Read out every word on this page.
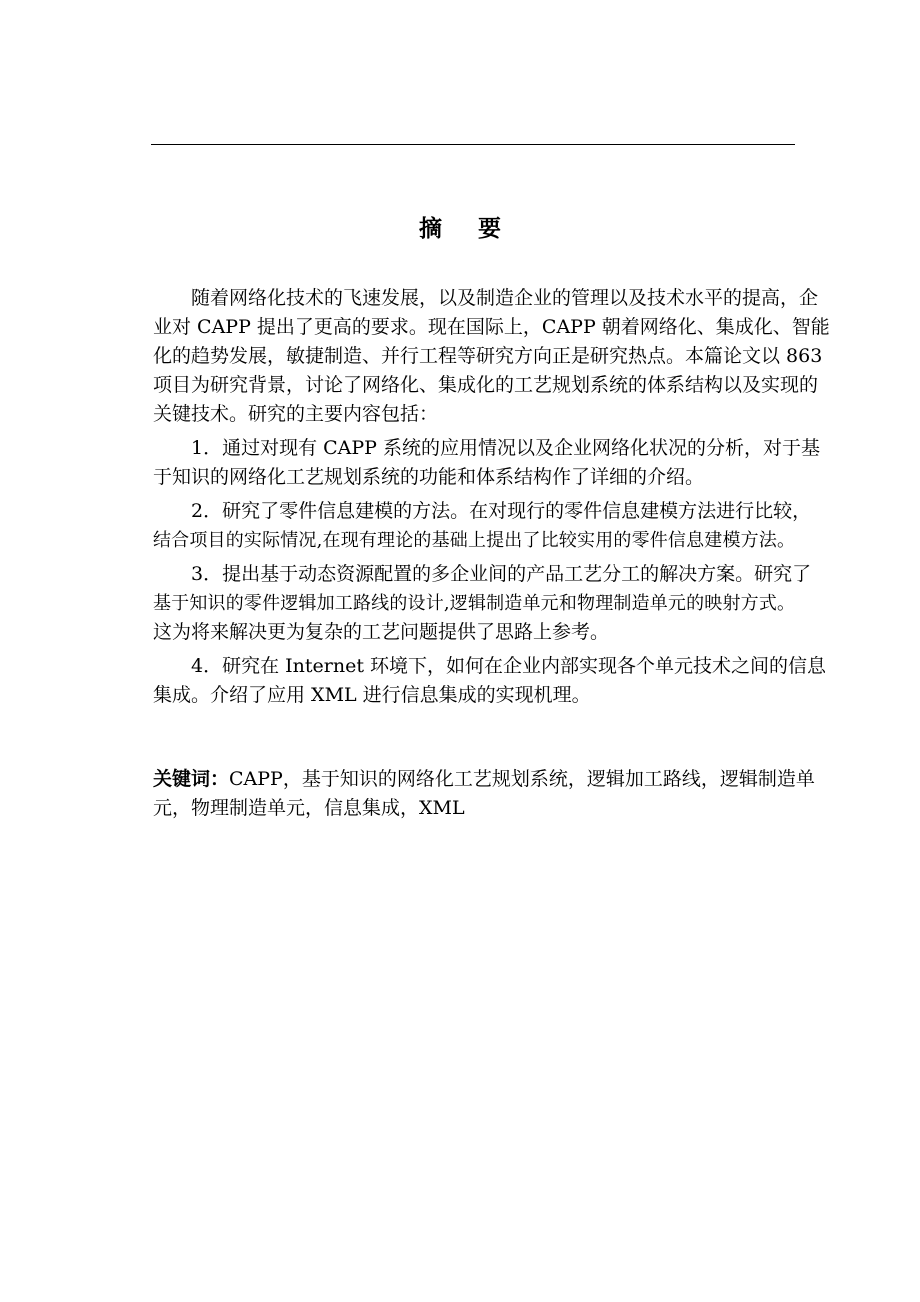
摘 要
随着网络化技术的飞速发展，以及制造企业的管理以及技术水平的提高，企
业对 CAPP 提出了更高的要求。现在国际上，CAPP 朝着网络化、集成化、智能
化的趋势发展，敏捷制造、并行工程等研究方向正是研究热点。本篇论文以 863
项目为研究背景，讨论了网络化、集成化的工艺规划系统的体系结构以及实现的
关键技术。研究的主要内容包括：
1．通过对现有 CAPP 系统的应用情况以及企业网络化状况的分析，对于基
于知识的网络化工艺规划系统的功能和体系结构作了详细的介绍。
2．研究了零件信息建模的方法。在对现行的零件信息建模方法进行比较，
结合项目的实际情况,在现有理论的基础上提出了比较实用的零件信息建模方法。
3．提出基于动态资源配置的多企业间的产品工艺分工的解决方案。研究了
基于知识的零件逻辑加工路线的设计,逻辑制造单元和物理制造单元的映射方式。
这为将来解决更为复杂的工艺问题提供了思路上参考。
4．研究在 Internet 环境下，如何在企业内部实现各个单元技术之间的信息
集成。介绍了应用 XML 进行信息集成的实现机理。
关键词：CAPP，基于知识的网络化工艺规划系统，逻辑加工路线，逻辑制造单
元，物理制造单元，信息集成，XML
